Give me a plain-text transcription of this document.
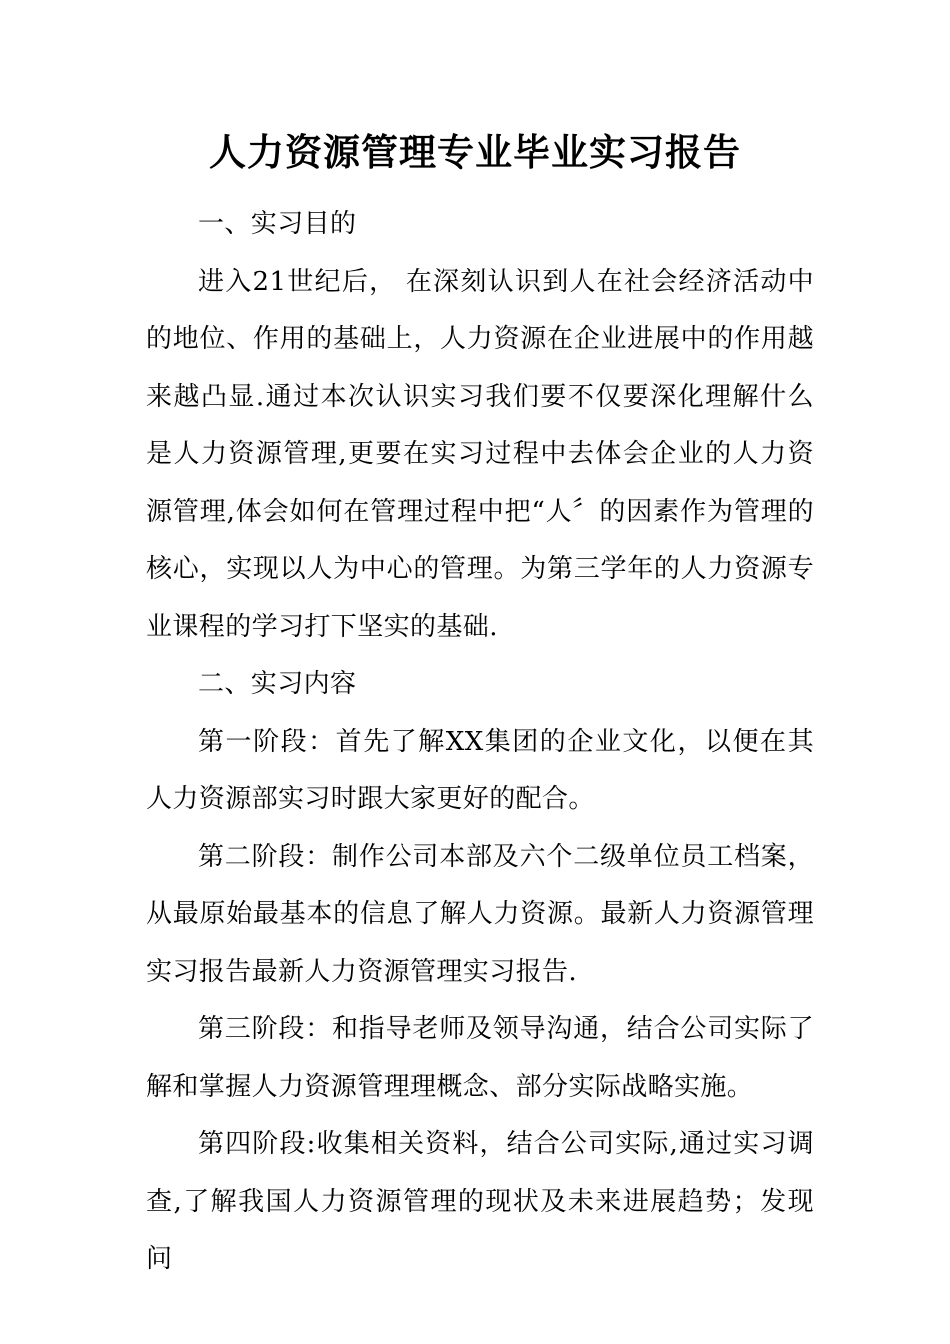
人力资源管理专业毕业实习报告

一、实习目的

进入21世纪后， 在深刻认识到人在社会经济活动中的地位、作用的基础上，人力资源在企业进展中的作用越来越凸显.通过本次认识实习我们要不仅要深化理解什么是人力资源管理,更要在实习过程中去体会企业的人力资源管理,体会如何在管理过程中把“人〞的因素作为管理的核心，实现以人为中心的管理。为第三学年的人力资源专业课程的学习打下坚实的基础.

二、实习内容

第一阶段：首先了解XX集团的企业文化，以便在其人力资源部实习时跟大家更好的配合。

第二阶段：制作公司本部及六个二级单位员工档案，从最原始最基本的信息了解人力资源。最新人力资源管理实习报告最新人力资源管理实习报告.

第三阶段：和指导老师及领导沟通，结合公司实际了解和掌握人力资源管理理概念、部分实际战略实施。

第四阶段:收集相关资料，结合公司实际,通过实习调查,了解我国人力资源管理的现状及未来进展趋势；发现问
